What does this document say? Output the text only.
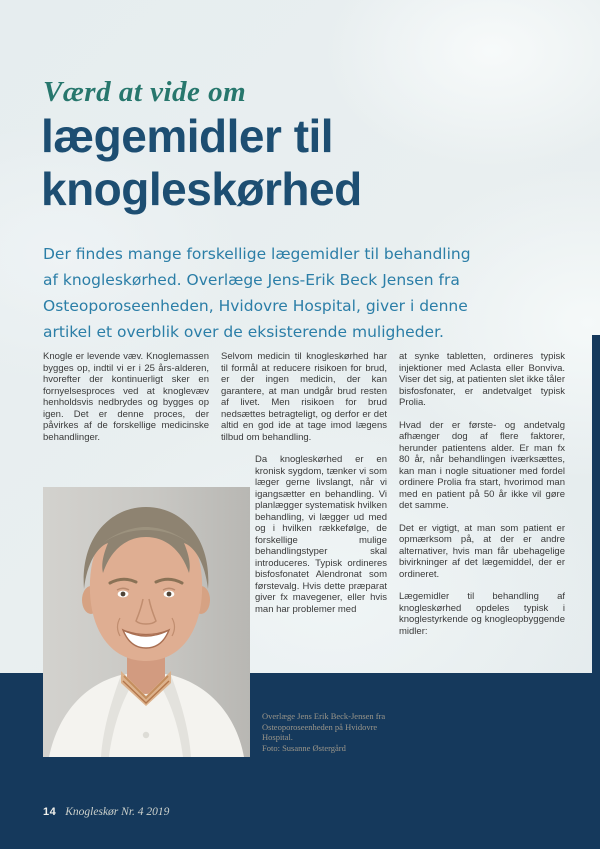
Værd at vide om
lægemidler til
knogleskørhed
Der findes mange forskellige lægemidler til behandling af knogleskørhed. Overlæge Jens-Erik Beck Jensen fra Osteoporoseenheden, Hvidovre Hospital, giver i denne artikel et overblik over de eksisterende muligheder.

Knogle er levende væv. Knoglemassen bygges op, indtil vi er i 25 års-alderen, hvorefter der kontinuerligt sker en fornyelsesproces ved at knoglevæv henholdsvis nedbrydes og bygges op igen. Det er denne proces, der påvirkes af de forskellige medicinske behandlinger.

Selvom medicin til knogleskørhed har til formål at reducere risikoen for brud, er der ingen medicin, der kan garantere, at man undgår brud resten af livet. Men risikoen for brud nedsættes betragteligt, og derfor er det altid en god ide at tage imod lægens tilbud om behandling.

Da knogleskørhed er en kronisk sygdom, tænker vi som læger gerne livslangt, når vi igangsætter en behandling. Vi planlægger systematisk hvilken behandling, vi lægger ud med og i hvilken rækkefølge, de forskellige mulige behandlingstyper skal introduceres. Typisk ordineres bisfosfonatet Alendronat som førstevalg. Hvis dette præparat giver fx mavegener, eller hvis man har problemer med

at synke tabletten, ordineres typisk injektioner med Aclasta eller Bonviva. Viser det sig, at patienten slet ikke tåler bisfosfonater, er andetvalget typisk Prolia.

Hvad der er første- og andetvalg afhænger dog af flere faktorer, herunder patientens alder. Er man fx 80 år, når behandlingen iværksættes, kan man i nogle situationer med fordel ordinere Prolia fra start, hvorimod man med en patient på 50 år ikke vil gøre det samme.

Det er vigtigt, at man som patient er opmærksom på, at der er andre alternativer, hvis man får ubehagelige bivirkninger af det lægemiddel, der er ordineret.

Lægemidler til behandling af knogleskørhed opdeles typisk i knoglestyrkende og knogleopbyggende midler:

Overlæge Jens Erik Beck-Jensen fra Osteoporoseenheden på Hvidovre Hospital.
Foto: Susanne Østergård
14 Knogleskør Nr. 4 2019
